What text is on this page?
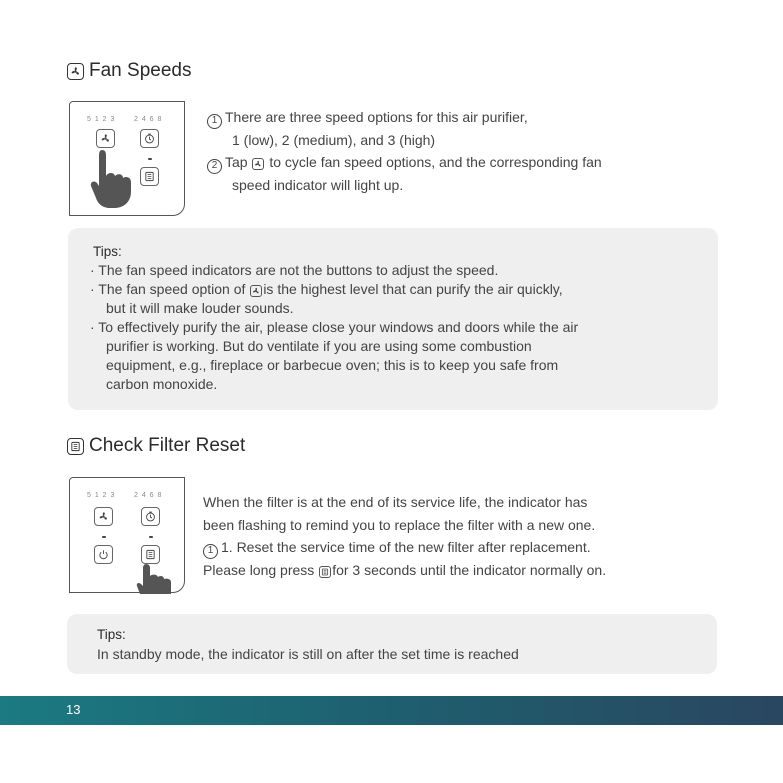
Fan Speeds
5 1 2 3	2 4 6 8	1 There are three speed options for this air purifier,
1 (low), 2 (medium), and 3 (high)
2 Tap to cycle fan speed options, and the corresponding fan
speed indicator will light up.
Tips:
· The fan speed indicators are not the buttons to adjust the speed.
· The fan speed option of is the highest level that can purify the air quickly,
but it will make louder sounds.
· To effectively purify the air, please close your windows and doors while the air
purifier is working. But do ventilate if you are using some combustion
equipment, e.g., fireplace or barbecue oven; this is to keep you safe from
carbon monoxide.
Check Filter Reset
5 1 2 3	2 4 6 8	When the filter is at the end of its service life, the indicator has
been flashing to remind you to replace the filter with a new one.
1 1. Reset the service time of the new filter after replacement.
Please long press for 3 seconds until the indicator normally on.
Tips:
In standby mode, the indicator is still on after the set time is reached
13
